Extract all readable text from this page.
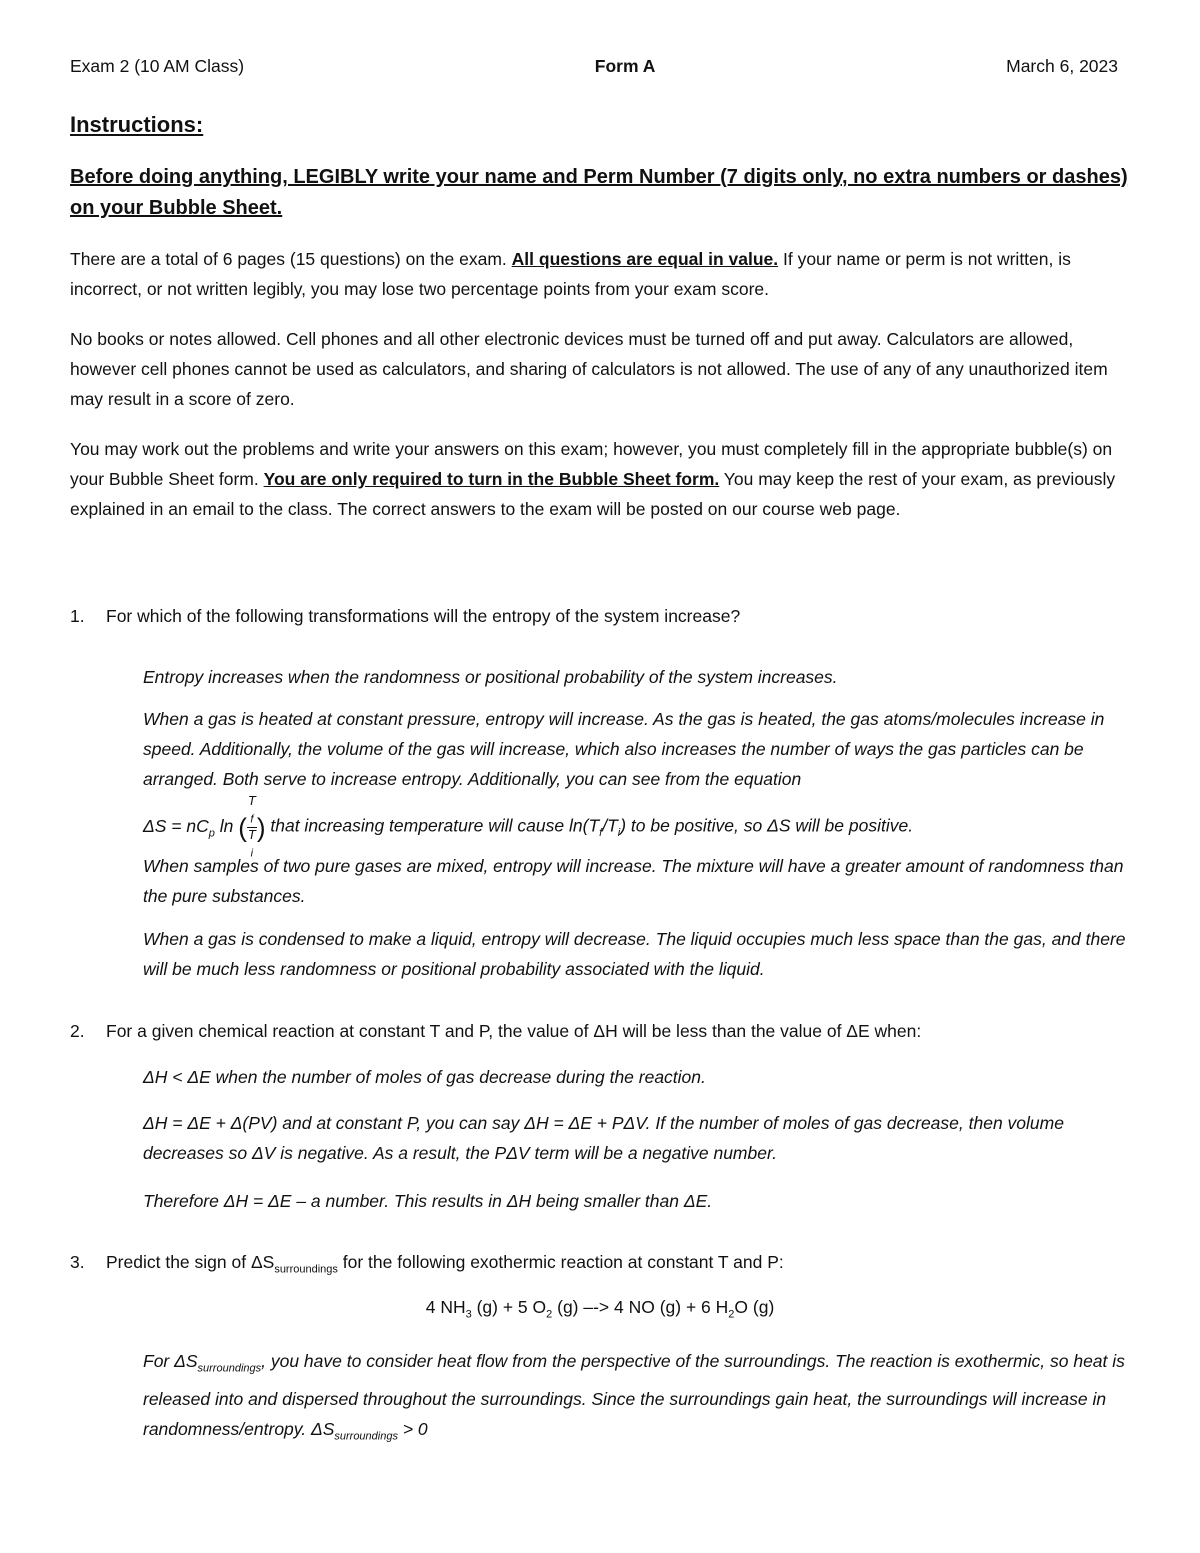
Exam 2 (10 AM Class)	Form A	March 6, 2023

Instructions:

Before doing anything, LEGIBLY write your name and Perm Number (7 digits only, no extra numbers or dashes) on your Bubble Sheet.

There are a total of 6 pages (15 questions) on the exam. All questions are equal in value. If your name or perm is not written, is incorrect, or not written legibly, you may lose two percentage points from your exam score.

No books or notes allowed. Cell phones and all other electronic devices must be turned off and put away. Calculators are allowed, however cell phones cannot be used as calculators, and sharing of calculators is not allowed. The use of any of any unauthorized item may result in a score of zero.

You may work out the problems and write your answers on this exam; however, you must completely fill in the appropriate bubble(s) on your Bubble Sheet form. You are only required to turn in the Bubble Sheet form. You may keep the rest of your exam, as previously explained in an email to the class. The correct answers to the exam will be posted on our course web page.

1. For which of the following transformations will the entropy of the system increase?

Entropy increases when the randomness or positional probability of the system increases.

When a gas is heated at constant pressure, entropy will increase. As the gas is heated, the gas atoms/molecules increase in speed. Additionally, the volume of the gas will increase, which also increases the number of ways the gas particles can be arranged. Both serve to increase entropy. Additionally, you can see from the equation
$\Delta S = nC_p$ ln ( T
$_f$
T
$_i$ ) that increasing temperature will cause $\ln(T_f/T_i)$ to be positive, so ΔS will be positive.

When samples of two pure gases are mixed, entropy will increase. The mixture will have a greater amount of randomness than the pure substances.

When a gas is condensed to make a liquid, entropy will decrease. The liquid occupies much less space than the gas, and there will be much less randomness or positional probability associated with the liquid.

2. For a given chemical reaction at constant T and P, the value of ΔH will be less than the value of ΔE when:

ΔH < ΔE when the number of moles of gas decrease during the reaction.

ΔH = ΔE + Δ(PV) and at constant P, you can say ΔH = ΔE + PΔV. If the number of moles of gas decrease, then volume decreases so ΔV is negative. As a result, the PΔV term will be a negative number.

Therefore ΔH = ΔE – a number. This results in ΔH being smaller than ΔE.

3. Predict the sign of $\Delta S_{surroundings}$ for the following exothermic reaction at constant T and P:

4 $NH_3$ (g) + 5 $O_2$ (g) –-> 4 NO (g) + 6 $H_2O$ (g)

For $\Delta S_{surroundings}$, you have to consider heat flow from the perspective of the surroundings. The reaction is exothermic, so heat is released into and dispersed throughout the surroundings. Since the surroundings gain heat, the surroundings will increase in randomness/entropy. $\Delta S_{surroundings} > 0$
